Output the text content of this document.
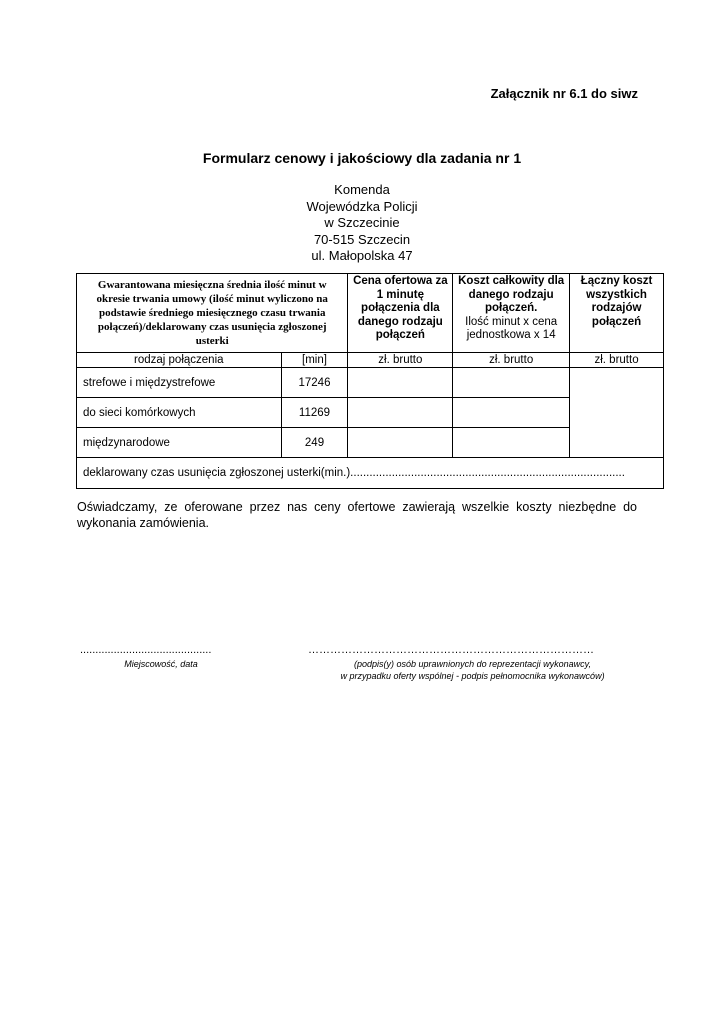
Załącznik nr 6.1 do siwz
Formularz cenowy i jakościowy dla zadania nr 1
Komenda
Wojewódzka Policji
w Szczecinie
70-515 Szczecin
ul. Małopolska 47
Gwarantowana miesięczna średnia ilość minut w okresie trwania umowy (ilość minut wyliczono na podstawie średniego miesięcznego czasu trwania połączeń)/deklarowany czas usunięcia zgłoszonej usterki		Cena ofertowa za 1 minutę połączenia dla danego rodzaju połączeń	Koszt całkowity dla danego rodzaju połączeń.
Ilość minut x cena jednostkowa x 14	Łączny koszt wszystkich rodzajów połączeń
rodzaj połączenia	[min]	zł. brutto	zł. brutto	zł. brutto
strefowe i międzystrefowe	17246			
do sieci komórkowych	11269			
międzynarodowe	249			
deklarowany czas usunięcia zgłoszonej usterki(min.)......................................................................................				
Oświadczamy, ze oferowane przez nas ceny ofertowe zawierają wszelkie koszty niezbędne do wykonania zamówienia.
...........................................
Miejscowość, data
……………………………………………………………………
(podpis(y) osób uprawnionych do reprezentacji wykonawcy,
w przypadku oferty wspólnej - podpis pełnomocnika wykonawców)
